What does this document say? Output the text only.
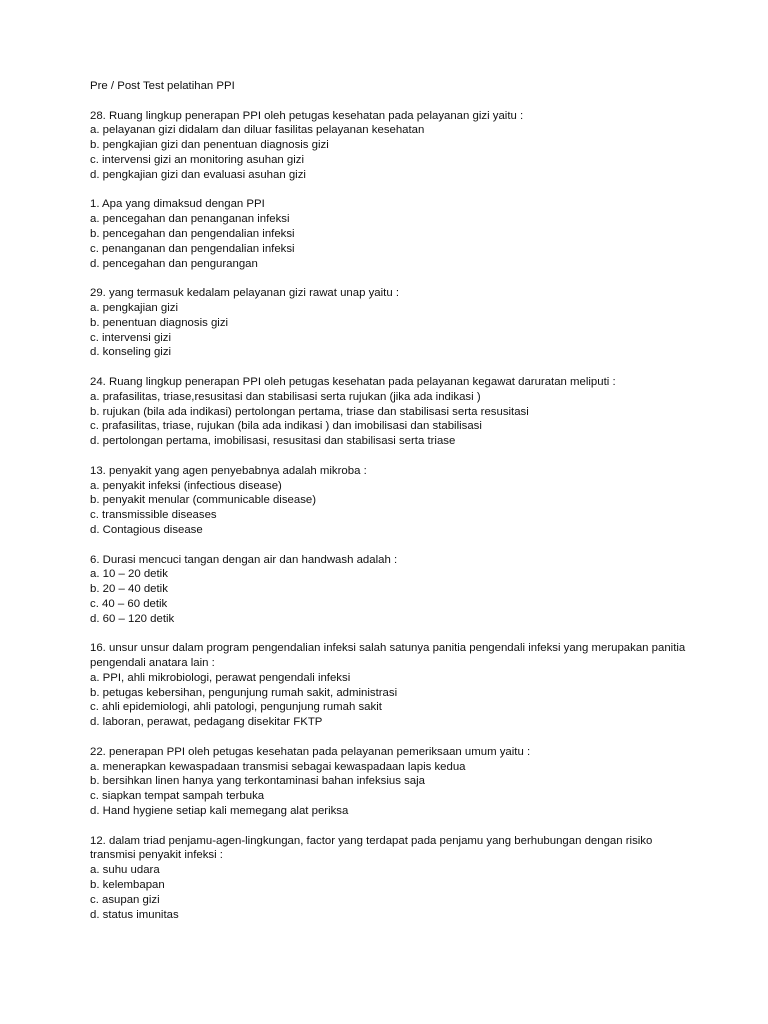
Pre / Post Test pelatihan PPI
28. Ruang lingkup penerapan PPI oleh petugas kesehatan pada pelayanan gizi yaitu :
a. pelayanan gizi didalam dan diluar fasilitas pelayanan kesehatan
b. pengkajian gizi dan penentuan diagnosis gizi
c. intervensi gizi an monitoring asuhan gizi
d. pengkajian gizi dan evaluasi asuhan gizi
1. Apa yang dimaksud dengan PPI
a. pencegahan dan penanganan infeksi
b. pencegahan dan pengendalian infeksi
c. penanganan dan pengendalian infeksi
d. pencegahan dan pengurangan
29. yang termasuk kedalam pelayanan gizi rawat unap yaitu :
a. pengkajian gizi
b. penentuan diagnosis gizi
c. intervensi gizi
d. konseling gizi
24. Ruang lingkup penerapan PPI oleh petugas kesehatan pada pelayanan kegawat daruratan meliputi :
a. prafasilitas, triase,resusitasi dan stabilisasi serta rujukan (jika ada indikasi )
b. rujukan (bila ada indikasi) pertolongan pertama, triase dan stabilisasi serta resusitasi
c. prafasilitas, triase, rujukan (bila ada indikasi ) dan imobilisasi dan stabilisasi
d. pertolongan pertama, imobilisasi, resusitasi dan stabilisasi serta triase
13. penyakit yang agen penyebabnya adalah mikroba :
a. penyakit infeksi (infectious disease)
b. penyakit menular (communicable disease)
c. transmissible diseases
d. Contagious disease
6. Durasi mencuci tangan dengan air dan handwash adalah :
a. 10 – 20 detik
b. 20 – 40 detik
c. 40 – 60 detik
d. 60 – 120 detik
16. unsur unsur dalam program pengendalian infeksi salah satunya panitia pengendali infeksi yang merupakan panitia pengendali anatara lain :
a. PPI, ahli mikrobiologi, perawat pengendali infeksi
b. petugas kebersihan, pengunjung rumah sakit, administrasi
c. ahli epidemiologi, ahli patologi, pengunjung rumah sakit
d. laboran, perawat, pedagang disekitar FKTP
22. penerapan PPI oleh petugas kesehatan pada pelayanan pemeriksaan umum yaitu :
a. menerapkan kewaspadaan transmisi sebagai kewaspadaan lapis kedua
b. bersihkan linen hanya yang terkontaminasi bahan infeksius saja
c. siapkan tempat sampah terbuka
d. Hand hygiene setiap kali memegang alat periksa
12. dalam triad penjamu-agen-lingkungan, factor yang terdapat pada penjamu yang berhubungan dengan risiko transmisi penyakit infeksi :
a. suhu udara
b. kelembapan
c. asupan gizi
d. status imunitas
